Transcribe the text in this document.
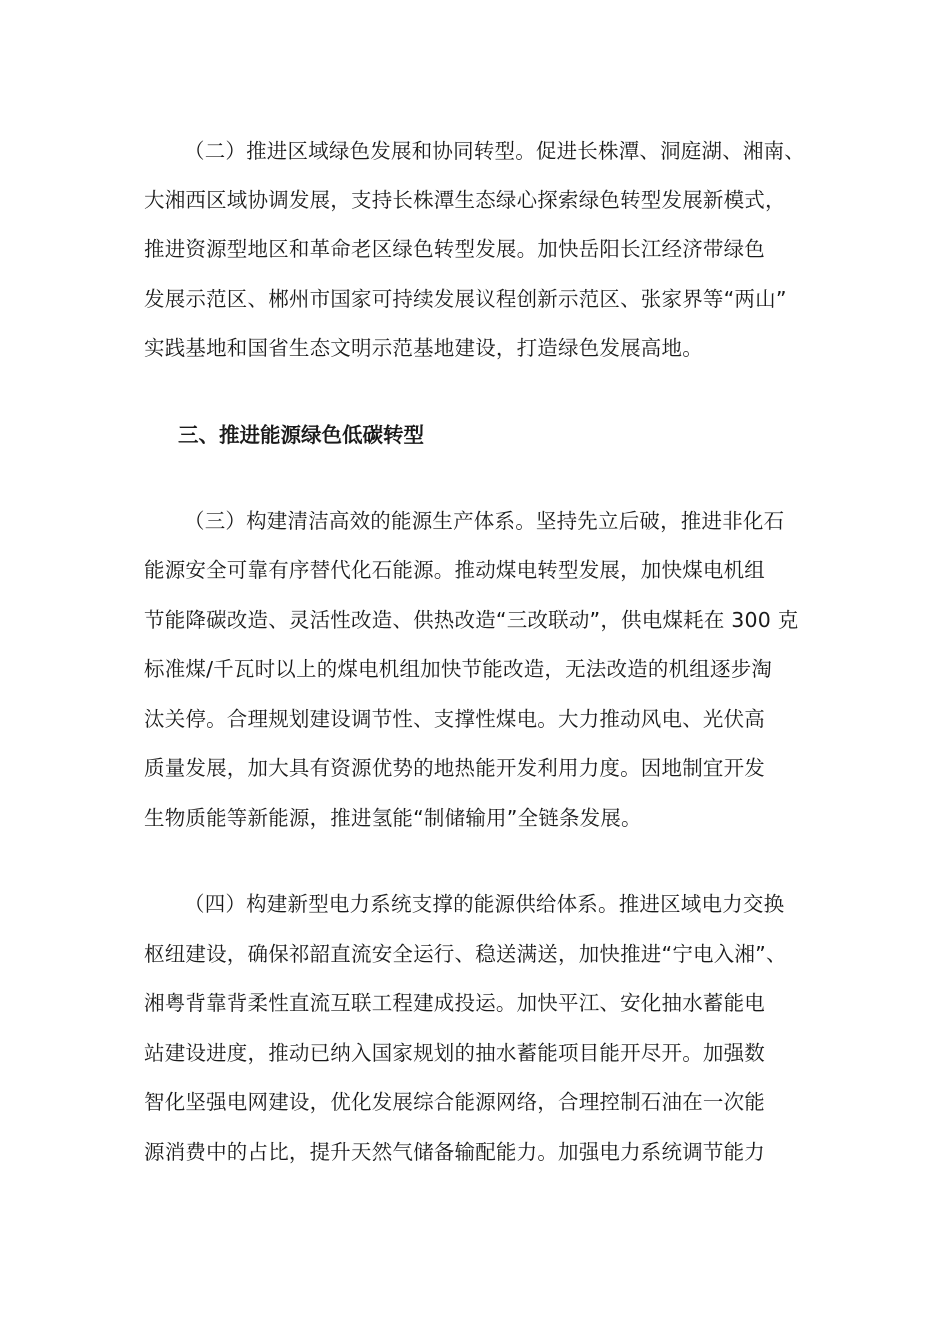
（二）推进区域绿色发展和协同转型。促进长株潭、洞庭湖、湘南、
大湘西区域协调发展，支持长株潭生态绿心探索绿色转型发展新模式，
推进资源型地区和革命老区绿色转型发展。加快岳阳长江经济带绿色
发展示范区、郴州市国家可持续发展议程创新示范区、张家界等“两山”
实践基地和国省生态文明示范基地建设，打造绿色发展高地。
三、推进能源绿色低碳转型
（三）构建清洁高效的能源生产体系。坚持先立后破，推进非化石
能源安全可靠有序替代化石能源。推动煤电转型发展，加快煤电机组
节能降碳改造、灵活性改造、供热改造“三改联动”，供电煤耗在 300 克
标准煤/千瓦时以上的煤电机组加快节能改造，无法改造的机组逐步淘
汰关停。合理规划建设调节性、支撑性煤电。大力推动风电、光伏高
质量发展，加大具有资源优势的地热能开发利用力度。因地制宜开发
生物质能等新能源，推进氢能“制储输用”全链条发展。
（四）构建新型电力系统支撑的能源供给体系。推进区域电力交换
枢纽建设，确保祁韶直流安全运行、稳送满送，加快推进“宁电入湘”、
湘粤背靠背柔性直流互联工程建成投运。加快平江、安化抽水蓄能电
站建设进度，推动已纳入国家规划的抽水蓄能项目能开尽开。加强数
智化坚强电网建设，优化发展综合能源网络，合理控制石油在一次能
源消费中的占比，提升天然气储备输配能力。加强电力系统调节能力
